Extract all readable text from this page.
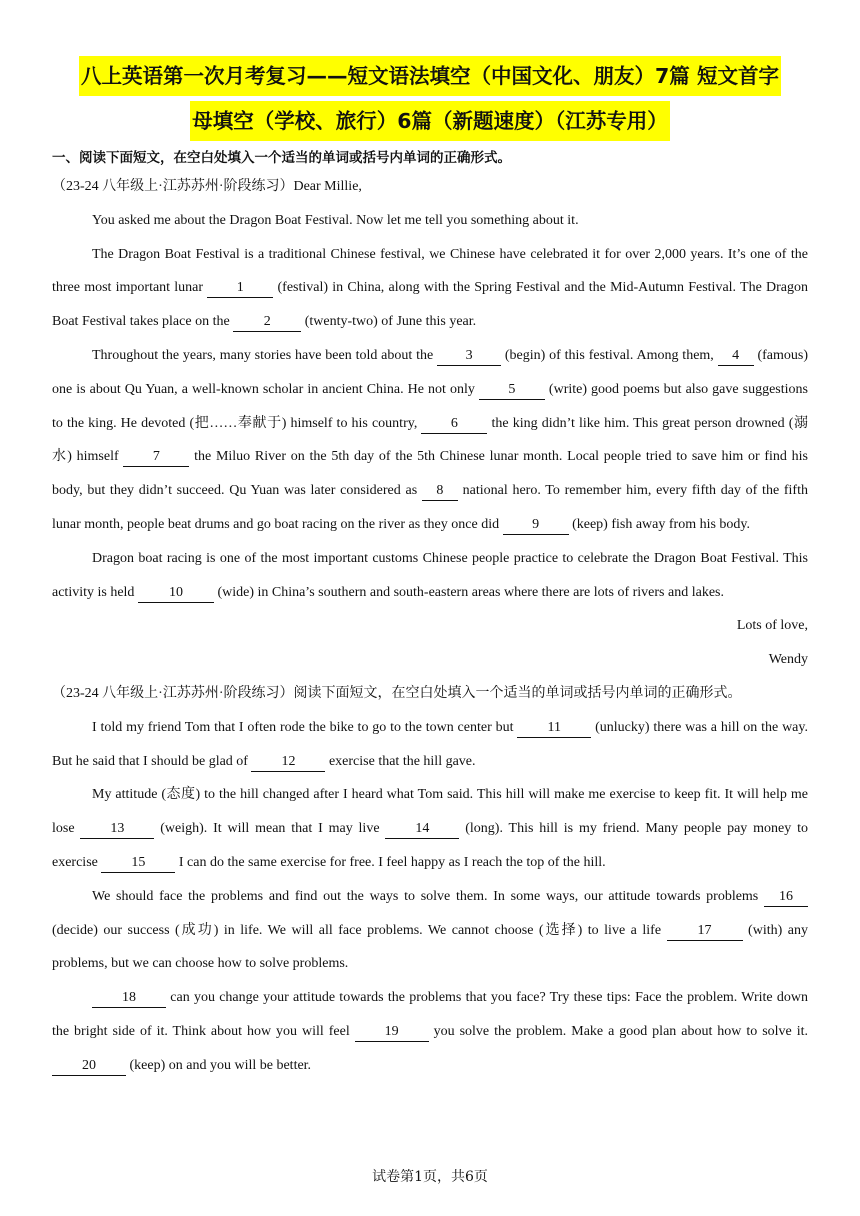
八上英语第一次月考复习——短文语法填空（中国文化、朋友）7篇 短文首字
母填空（学校、旅行）6篇（新题速度）（江苏专用）
一、阅读下面短文，在空白处填入一个适当的单词或括号内单词的正确形式。

（23-24 八年级上·江苏苏州·阶段练习）Dear Millie,

You asked me about the Dragon Boat Festival. Now let me tell you something about it.

The Dragon Boat Festival is a traditional Chinese festival, we Chinese have celebrated it for over 2,000 years. It’s one of the three most important lunar 1 (festival) in China, along with the Spring Festival and the Mid-Autumn Festival. The Dragon Boat Festival takes place on the 2 (twenty-two) of June this year.

Throughout the years, many stories have been told about the 3 (begin) of this festival. Among them, 4 (famous) one is about Qu Yuan, a well-known scholar in ancient China. He not only 5 (write) good poems but also gave suggestions to the king. He devoted (把……奉献于) himself to his country, 6 the king didn’t like him. This great person drowned (溺水) himself 7 the Miluo River on the 5th day of the 5th Chinese lunar month. Local people tried to save him or find his body, but they didn’t succeed. Qu Yuan was later considered as 8 national hero. To remember him, every fifth day of the fifth lunar month, people beat drums and go boat racing on the river as they once did 9 (keep) fish away from his body.

Dragon boat racing is one of the most important customs Chinese people practice to celebrate the Dragon Boat Festival. This activity is held 10 (wide) in China’s southern and south-eastern areas where there are lots of rivers and lakes.

Lots of love,

Wendy

（23-24 八年级上·江苏苏州·阶段练习）阅读下面短文，在空白处填入一个适当的单词或括号内单词的正确形式。

I told my friend Tom that I often rode the bike to go to the town center but 11 (unlucky) there was a hill on the way. But he said that I should be glad of 12 exercise that the hill gave.

My attitude (态度) to the hill changed after I heard what Tom said. This hill will make me exercise to keep fit. It will help me lose 13 (weigh). It will mean that I may live 14 (long). This hill is my friend. Many people pay money to exercise 15 I can do the same exercise for free. I feel happy as I reach the top of the hill.

We should face the problems and find out the ways to solve them. In some ways, our attitude towards problems 16 (decide) our success (成功) in life. We will all face problems. We cannot choose (选择) to live a life 17 (with) any problems, but we can choose how to solve problems.

18 can you change your attitude towards the problems that you face? Try these tips: Face the problem. Write down the bright side of it. Think about how you will feel 19 you solve the problem. Make a good plan about how to solve it. 20 (keep) on and you will be better.

试卷第1页，共6页
